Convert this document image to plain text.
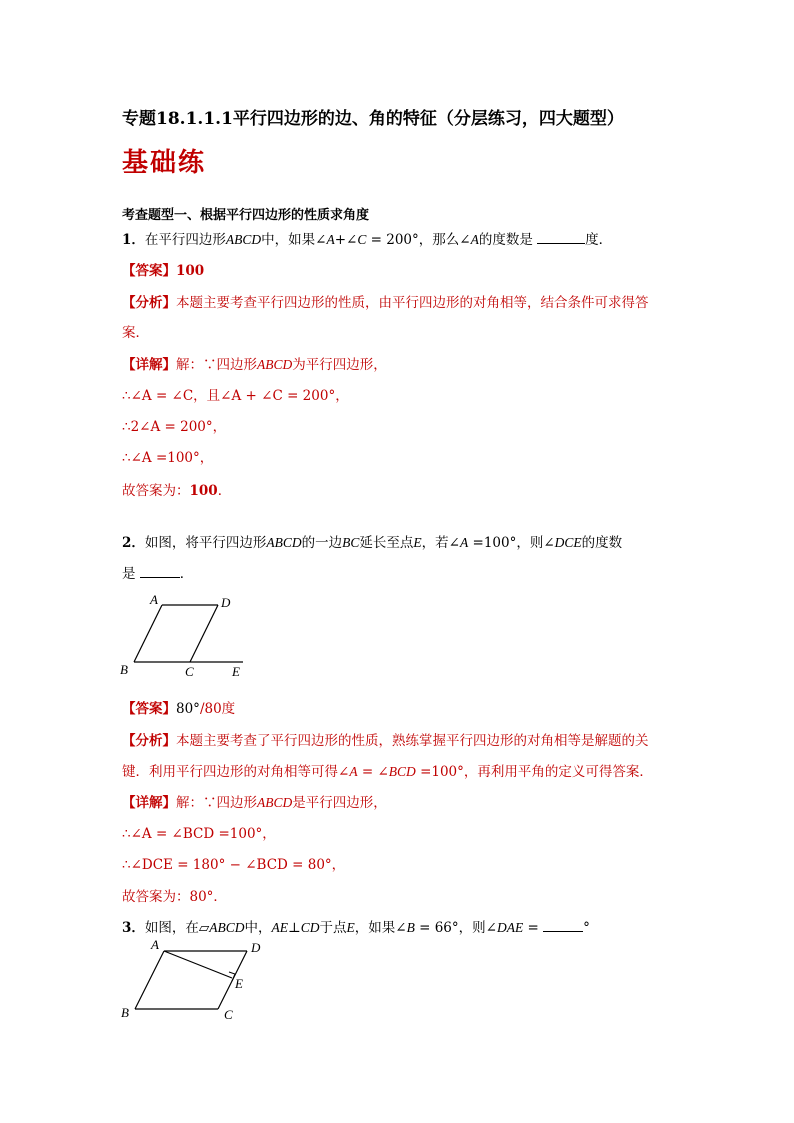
专题18.1.1.1平行四边形的边、角的特征（分层练习，四大题型）
基础练
考查题型一、根据平行四边形的性质求角度
1．在平行四边形ABCD中，如果∠A+∠C = 200°，那么∠A的度数是	度．
【答案】100
【分析】本题主要考查平行四边形的性质，由平行四边形的对角相等，结合条件可求得答
案．
【详解】解：∵四边形ABCD为平行四边形，
∴∠A = ∠C，且∠A + ∠C = 200°，
∴2∠A = 200°，
∴∠A =100°，
故答案为：100．
2．如图，将平行四边形ABCD的一边BC延长至点E，若∠A =100°，则∠DCE的度数
是	．
A	D
B	C	E
【答案】80°/80度
【分析】本题主要考查了平行四边形的性质，熟练掌握平行四边形的对角相等是解题的关
键．利用平行四边形的对角相等可得∠A = ∠BCD =100°，再利用平角的定义可得答案．
【详解】解：∵四边形ABCD是平行四边形，
∴∠A = ∠BCD =100°，
∴∠DCE = 180° − ∠BCD = 80°，
故答案为：80°．
3．如图，在▱ABCD中，AE⊥CD于点E，如果∠B = 66°，则∠DAE =	°
A	D
E
B	C
